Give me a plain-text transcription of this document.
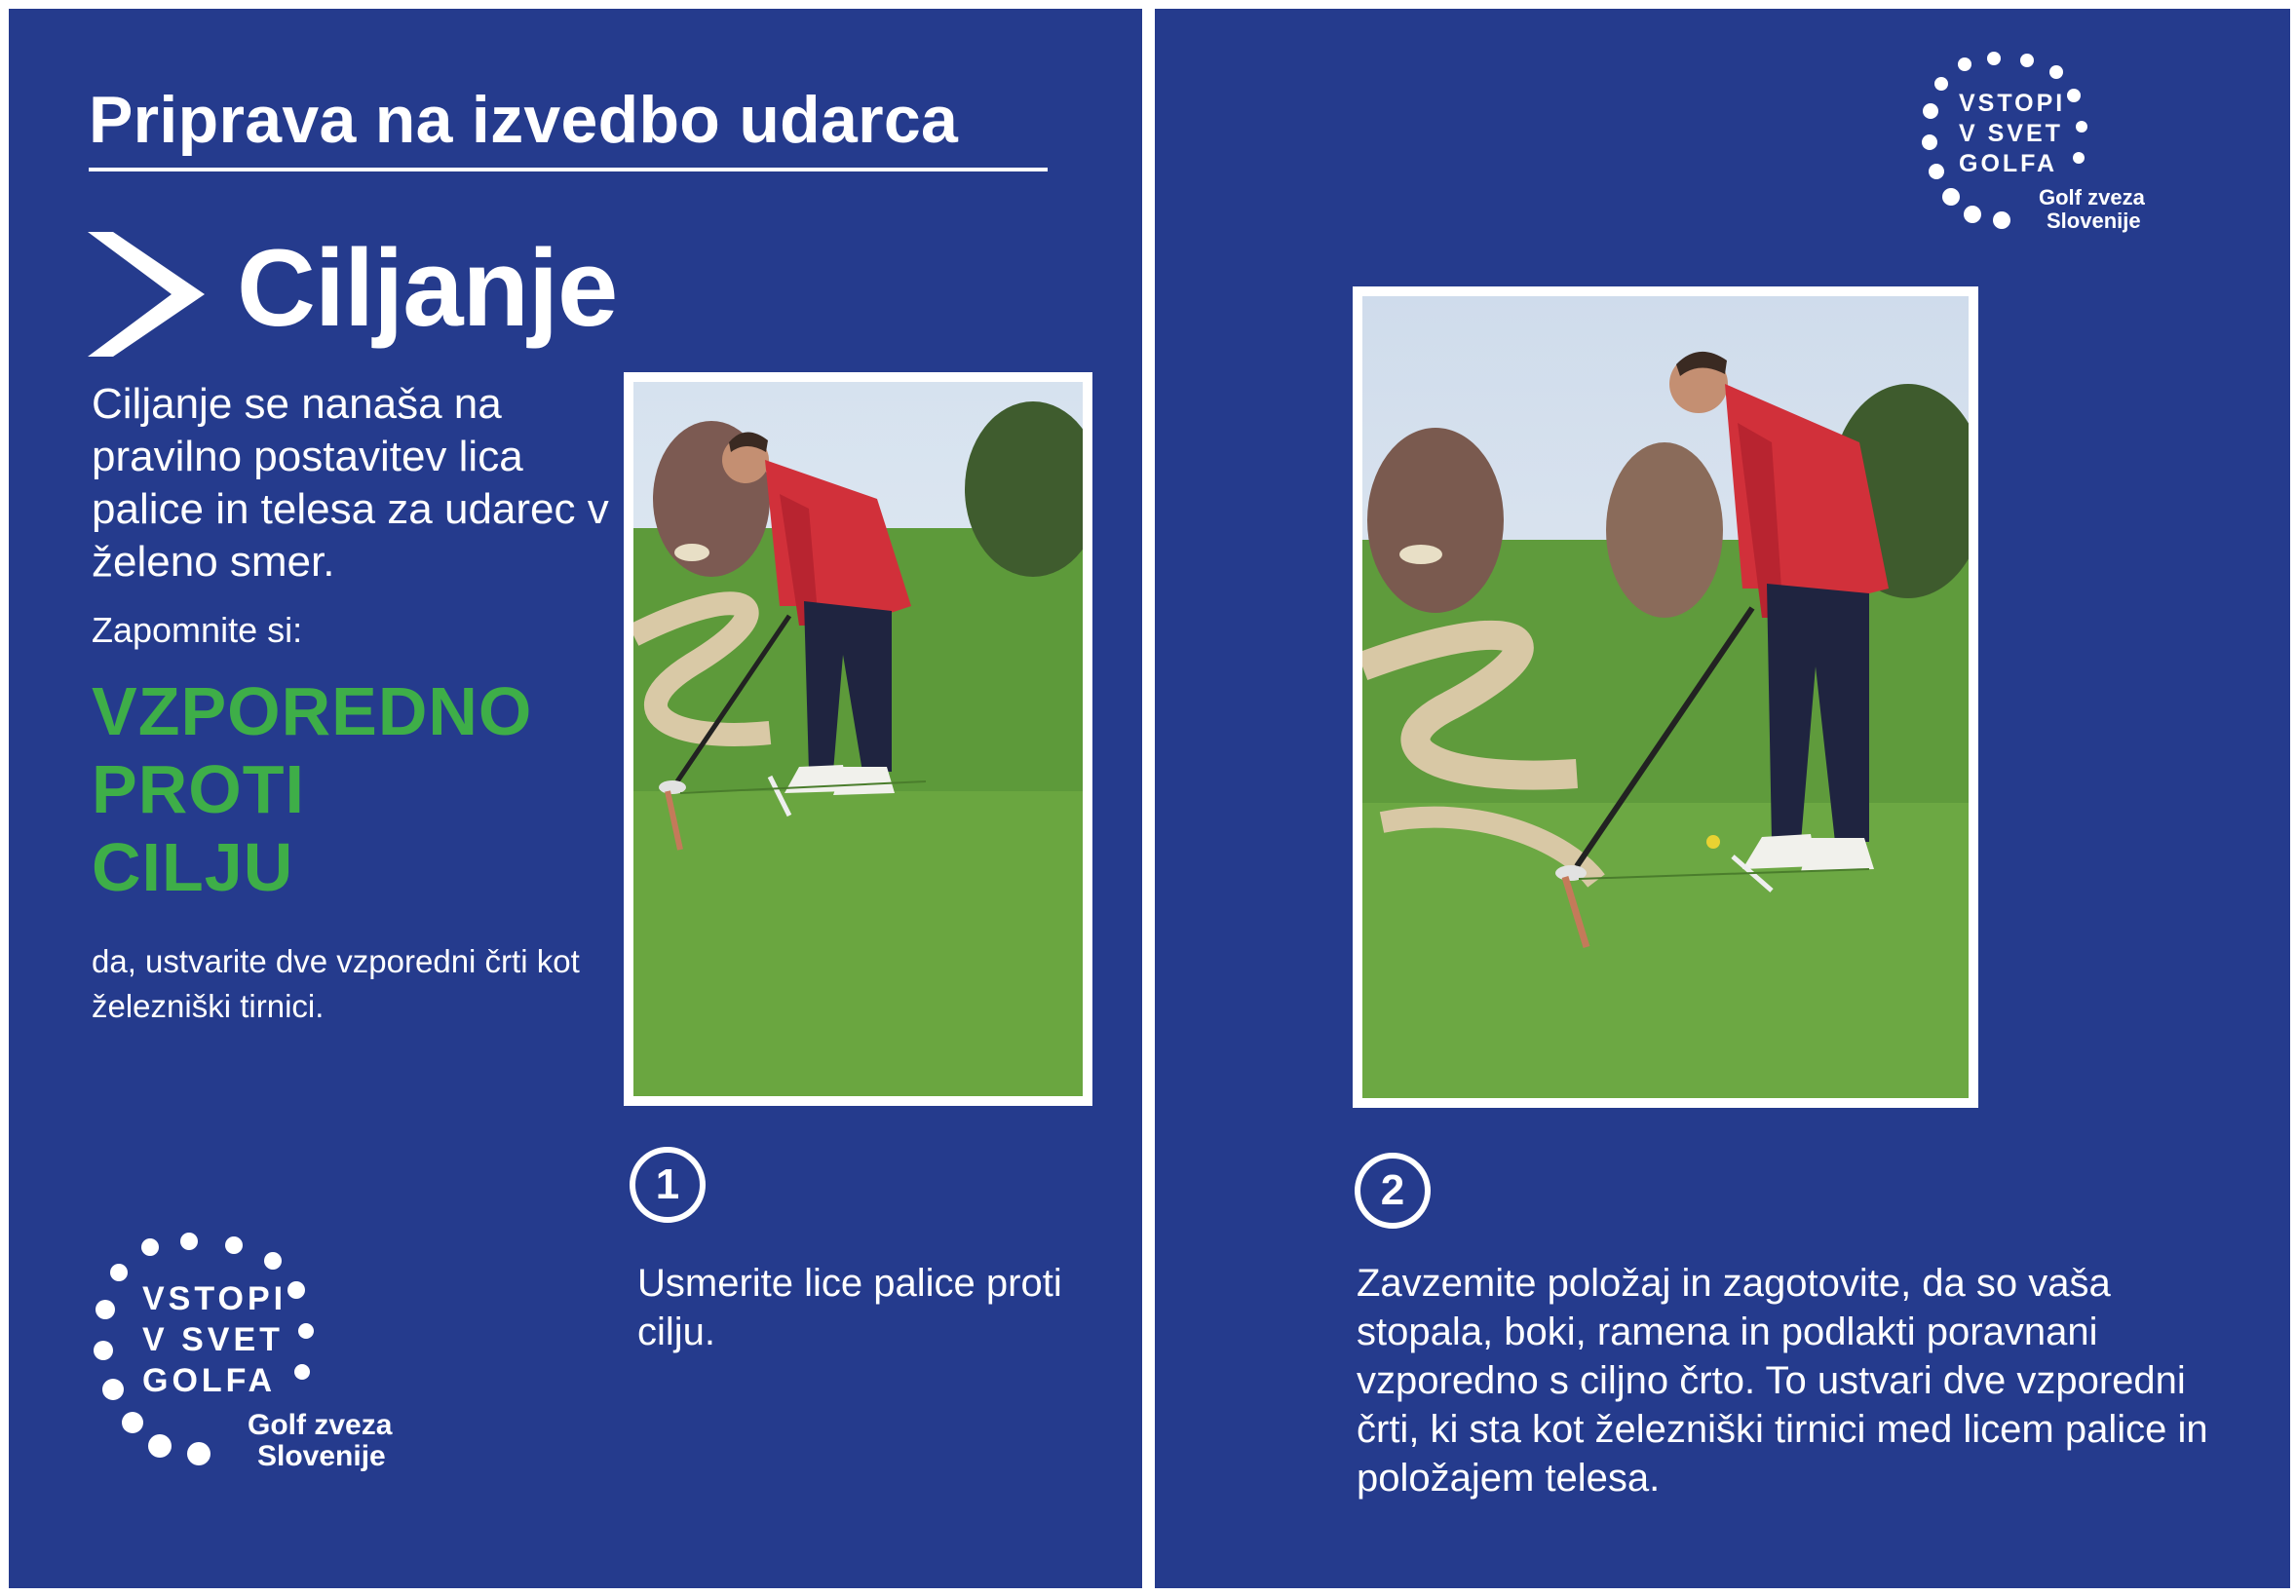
Priprava na izvedbo udarca
Ciljanje
Ciljanje se nanaša na pravilno postavitev lica palice in telesa za udarec v želeno smer.
Zapomnite si:
VZPOREDNO
PROTI
CILJU
da, ustvarite dve vzporedni črti kot železniški tirnici.
1
Usmerite lice palice proti cilju.
VSTOPI
V SVET
GOLFA
Golf zveza
Slovenije
VSTOPI
V SVET
GOLFA
Golf zveza
Slovenije
2
Zavzemite položaj in zagotovite, da so vaša stopala, boki, ramena in podlakti poravnani vzporedno s ciljno črto. To ustvari dve vzporedni črti, ki sta kot železniški tirnici med licem palice in položajem telesa.
